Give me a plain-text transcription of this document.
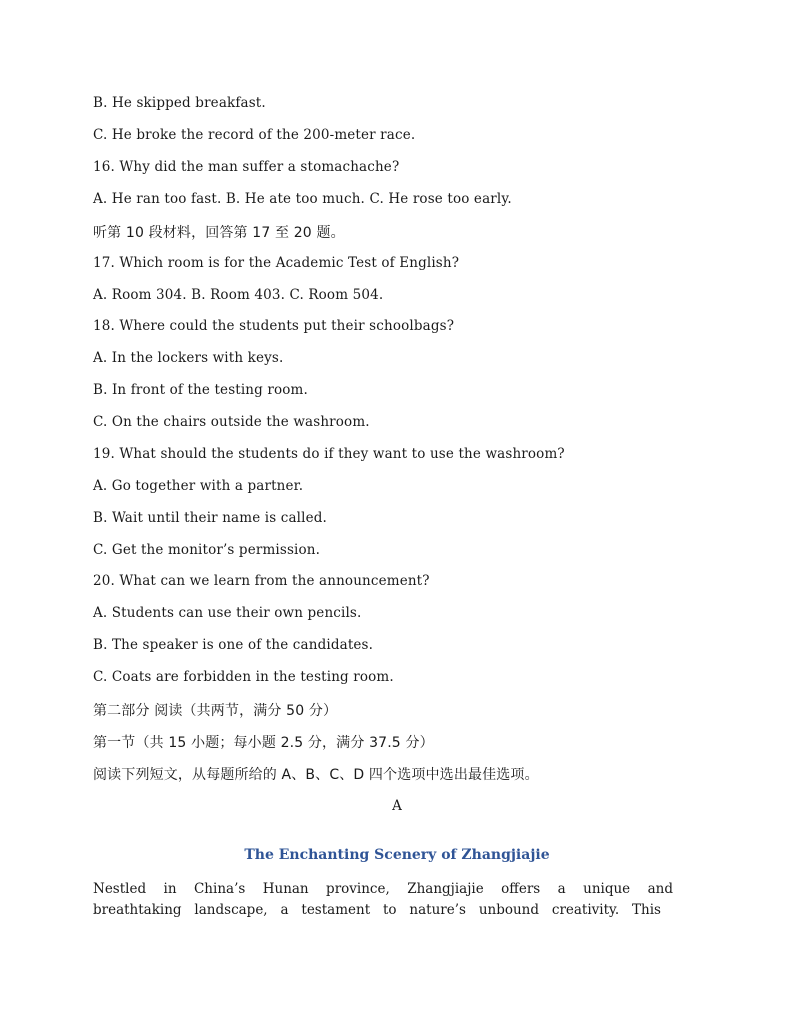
B. He skipped breakfast.
C. He broke the record of the 200-meter race.
16. Why did the man suffer a stomachache?
A. He ran too fast. B. He ate too much. C. He rose too early.
听第 10 段材料，回答第 17 至 20 题。
17. Which room is for the Academic Test of English?
A. Room 304. B. Room 403. C. Room 504.
18. Where could the students put their schoolbags?
A. In the lockers with keys.
B. In front of the testing room.
C. On the chairs outside the washroom.
19. What should the students do if they want to use the washroom?
A. Go together with a partner.
B. Wait until their name is called.
C. Get the monitor’s permission.
20. What can we learn from the announcement?
A. Students can use their own pencils.
B. The speaker is one of the candidates.
C. Coats are forbidden in the testing room.
第二部分 阅读（共两节，满分 50 分）
第一节（共 15 小题；每小题 2.5 分，满分 37.5 分）
阅读下列短文，从每题所给的 A、B、C、D 四个选项中选出最佳选项。
A
The Enchanting Scenery of Zhangjiajie
Nestled in China’s Hunan province, Zhangjiajie offers a unique and
breathtaking landscape, a testament to nature’s unbound creativity. This
